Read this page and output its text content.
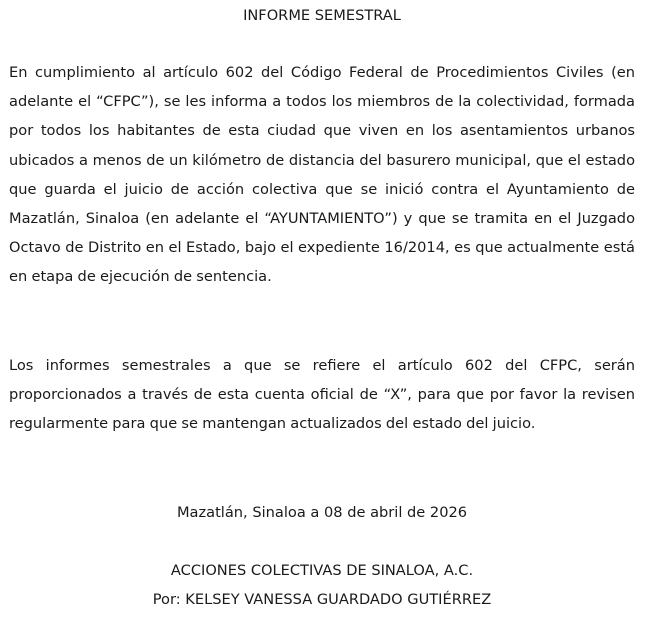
INFORME SEMESTRAL

En cumplimiento al artículo 602 del Código Federal de Procedimientos Civiles (en adelante el “CFPC”), se les informa a todos los miembros de la colectividad, formada por todos los habitantes de esta ciudad que viven en los asentamientos urbanos ubicados a menos de un kilómetro de distancia del basurero municipal, que el estado que guarda el juicio de acción colectiva que se inició contra el Ayuntamiento de Mazatlán, Sinaloa (en adelante el “AYUNTAMIENTO”) y que se tramita en el Juzgado Octavo de Distrito en el Estado, bajo el expediente 16/2014, es que actualmente está en etapa de ejecución de sentencia.

Los informes semestrales a que se refiere el artículo 602 del CFPC, serán proporcionados a través de esta cuenta oficial de “X”, para que por favor la revisen regularmente para que se mantengan actualizados del estado del juicio.

Mazatlán, Sinaloa a 08 de abril de 2026
ACCIONES COLECTIVAS DE SINALOA, A.C.
Por: KELSEY VANESSA GUARDADO GUTIÉRREZ
